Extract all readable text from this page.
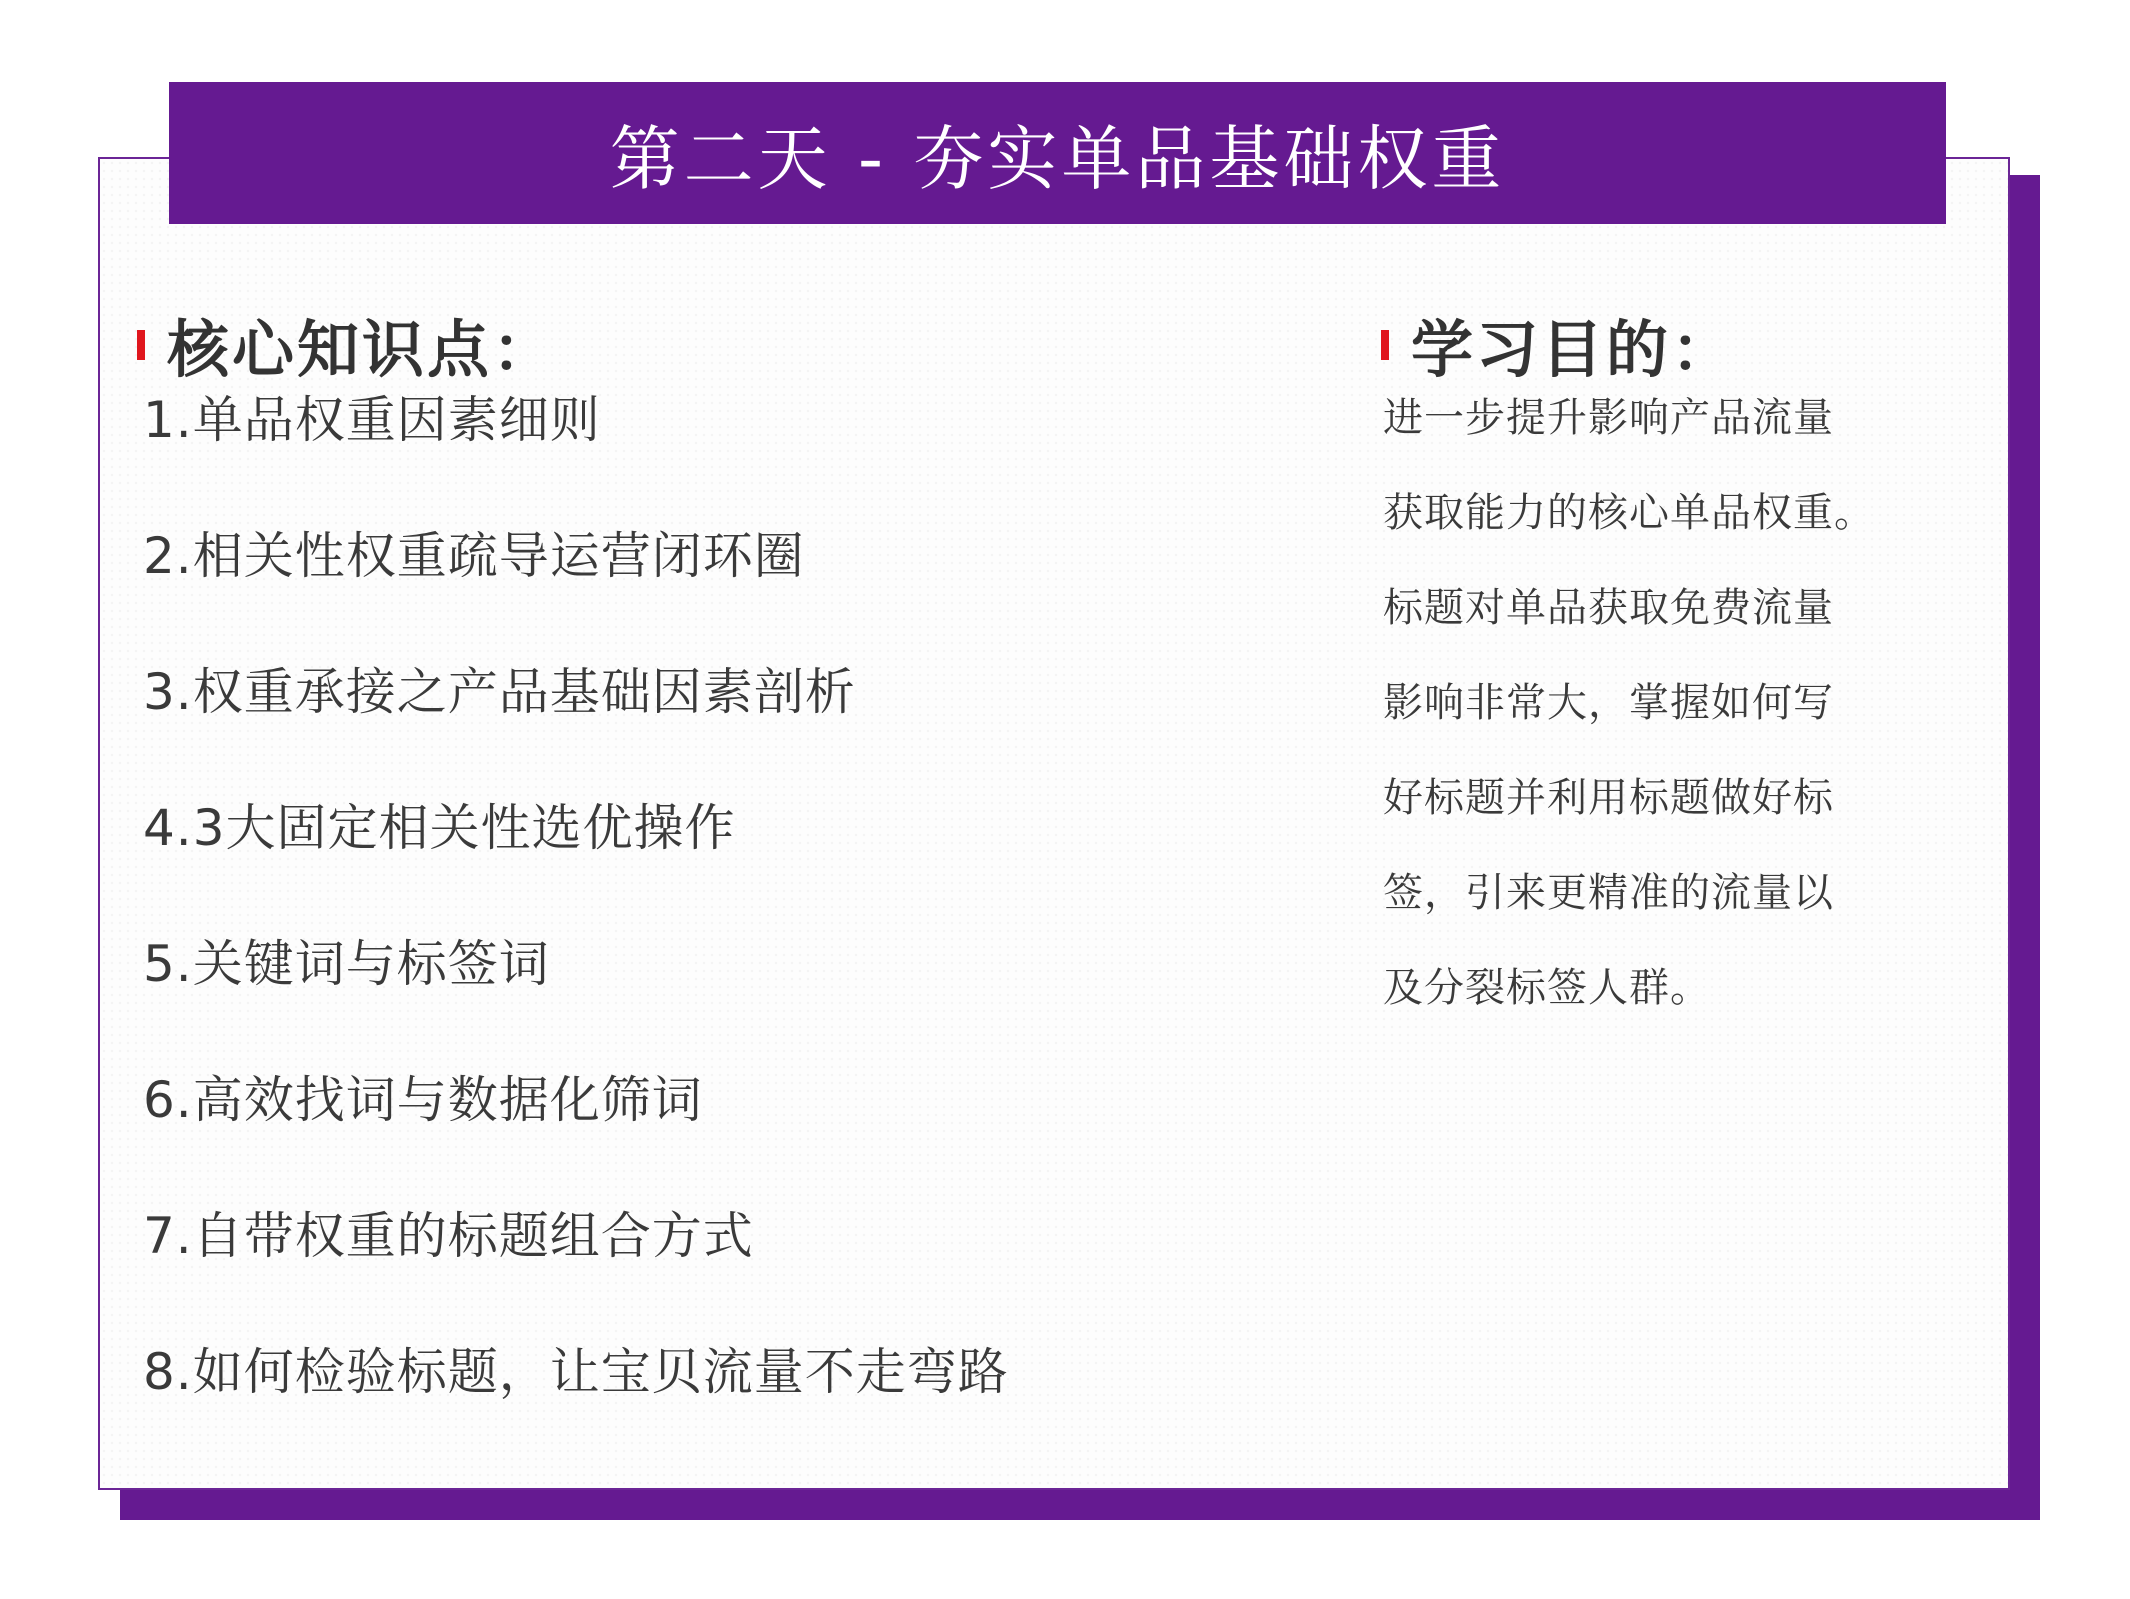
第二天 - 夯实单品基础权重
核心知识点：
1.单品权重因素细则
2.相关性权重疏导运营闭环圈
3.权重承接之产品基础因素剖析
4.3大固定相关性选优操作
5.关键词与标签词
6.高效找词与数据化筛词
7.自带权重的标题组合方式
8.如何检验标题，让宝贝流量不走弯路
学习目的：
进一步提升影响产品流量
获取能力的核心单品权重。
标题对单品获取免费流量
影响非常大，掌握如何写
好标题并利用标题做好标
签，引来更精准的流量以
及分裂标签人群。
